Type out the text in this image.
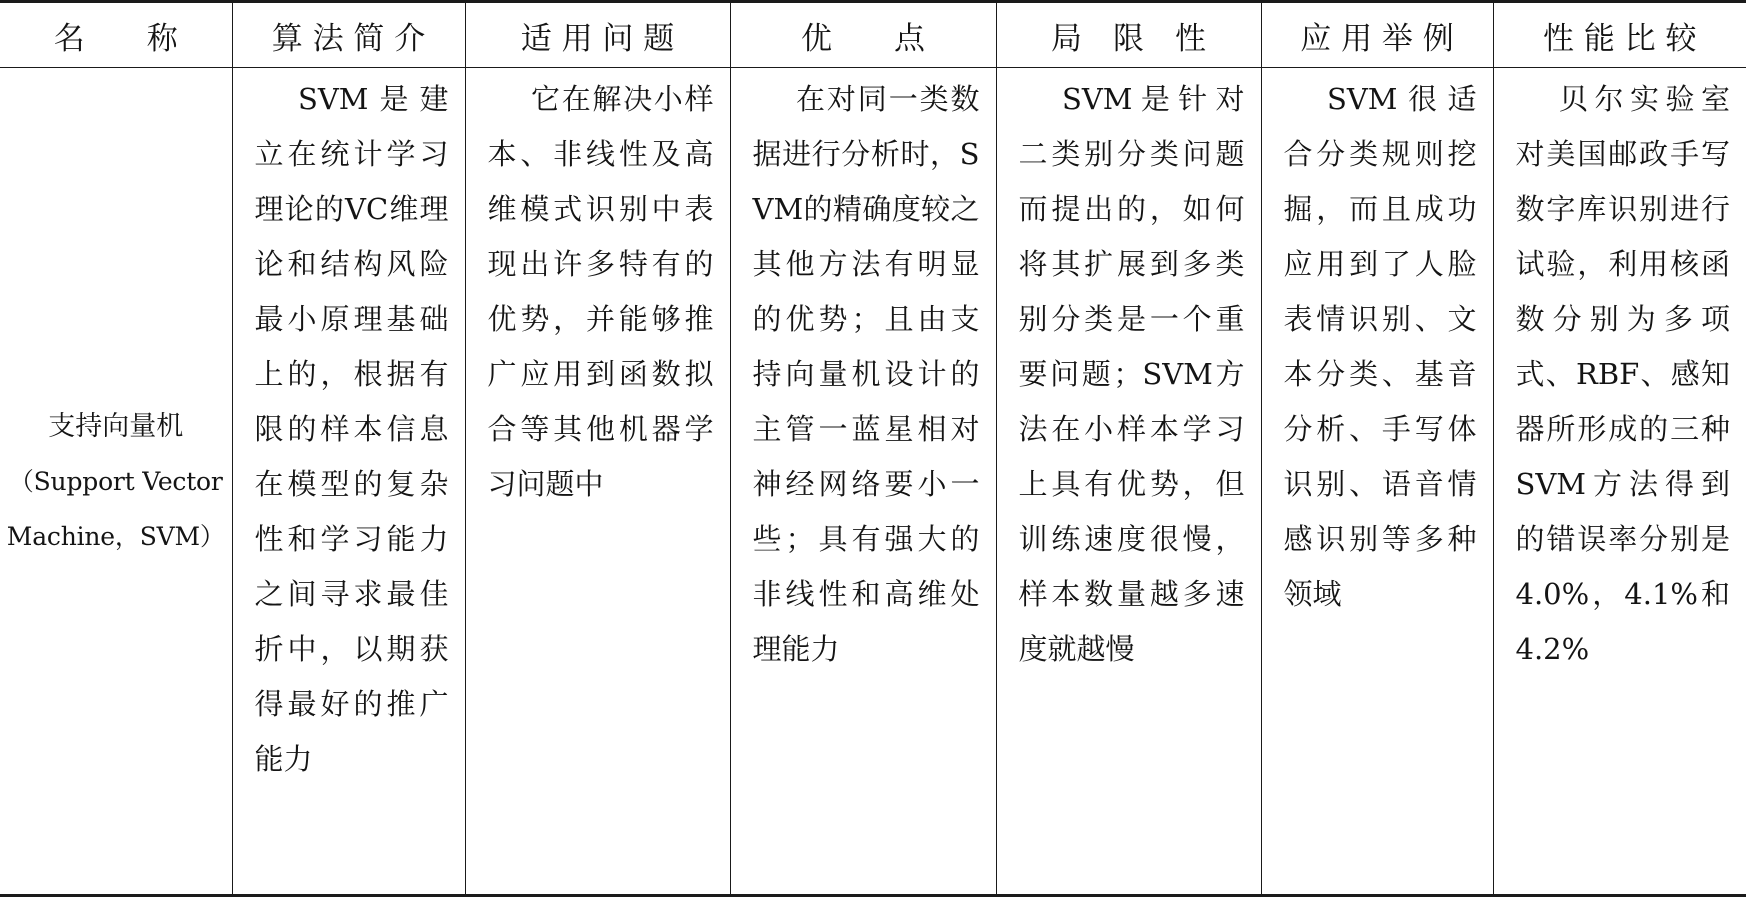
名　　称	算 法 简 介	适 用 问 题	优　　点	局　限　性	应 用 举 例	性 能 比 较

支持向量机
（Support Vector
Machine，SVM）	SVM是建立在统计学习理论的VC维理论和结构风险最小原理基础上的，根据有限的样本信息在模型的复杂性和学习能力之间寻求最佳折中，以期获得最好的推广能力	它在解决小样本、非线性及高维模式识别中表现出许多特有的优势，并能够推广应用到函数拟合等其他机器学习问题中	在对同一类数据进行分析时，SVM的精确度较之其他方法有明显的优势；且由支持向量机设计的主管一蓝星相对神经网络要小一些；具有强大的非线性和高维处理能力	SVM是针对二类别分类问题而提出的，如何将其扩展到多类别分类是一个重要问题；SVM方法在小样本学习上具有优势，但训练速度很慢，样本数量越多速度就越慢	SVM很适合分类规则挖掘，而且成功应用到了人脸表情识别、文本分类、基音分析、手写体识别、语音情感识别等多种领域	贝尔实验室对美国邮政手写数字库识别进行试验，利用核函数分别为多项式、RBF、感知器所形成的三种SVM方法得到的错误率分别是4.0%，4.1%和4.2%
